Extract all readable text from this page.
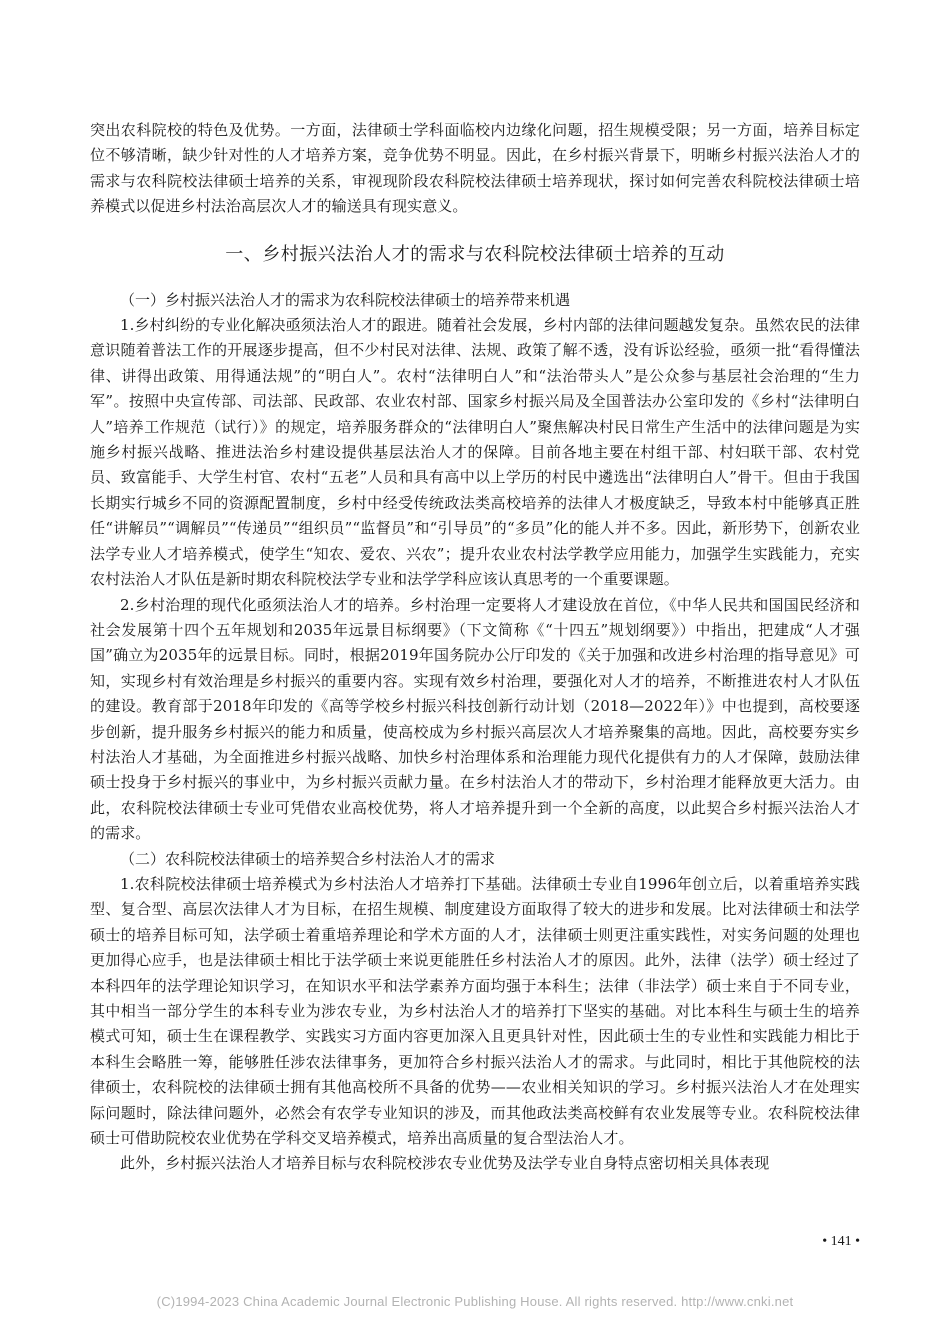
突出农科院校的特色及优势。一方面，法律硕士学科面临校内边缘化问题，招生规模受限；另一方面，培养目标定位不够清晰，缺少针对性的人才培养方案，竞争优势不明显。因此，在乡村振兴背景下，明晰乡村振兴法治人才的需求与农科院校法律硕士培养的关系，审视现阶段农科院校法律硕士培养现状，探讨如何完善农科院校法律硕士培养模式以促进乡村法治高层次人才的输送具有现实意义。

一、乡村振兴法治人才的需求与农科院校法律硕士培养的互动

（一）乡村振兴法治人才的需求为农科院校法律硕士的培养带来机遇

1.乡村纠纷的专业化解决亟须法治人才的跟进。随着社会发展，乡村内部的法律问题越发复杂。虽然农民的法律意识随着普法工作的开展逐步提高，但不少村民对法律、法规、政策了解不透，没有诉讼经验，亟须一批“看得懂法律、讲得出政策、用得通法规”的“明白人”。农村“法律明白人”和“法治带头人”是公众参与基层社会治理的“生力军”。按照中央宣传部、司法部、民政部、农业农村部、国家乡村振兴局及全国普法办公室印发的《乡村“法律明白人”培养工作规范（试行）》的规定，培养服务群众的“法律明白人”聚焦解决村民日常生产生活中的法律问题是为实施乡村振兴战略、推进法治乡村建设提供基层法治人才的保障。目前各地主要在村组干部、村妇联干部、农村党员、致富能手、大学生村官、农村“五老”人员和具有高中以上学历的村民中遴选出“法律明白人”骨干。但由于我国长期实行城乡不同的资源配置制度，乡村中经受传统政法类高校培养的法律人才极度缺乏，导致本村中能够真正胜任“讲解员”“调解员”“传递员”“组织员”“监督员”和“引导员”的“多员”化的能人并不多。因此，新形势下，创新农业法学专业人才培养模式，使学生“知农、爱农、兴农”；提升农业农村法学教学应用能力，加强学生实践能力，充实农村法治人才队伍是新时期农科院校法学专业和法学学科应该认真思考的一个重要课题。

2.乡村治理的现代化亟须法治人才的培养。乡村治理一定要将人才建设放在首位，《中华人民共和国国民经济和社会发展第十四个五年规划和2035年远景目标纲要》（下文简称《“十四五”规划纲要》）中指出，把建成“人才强国”确立为2035年的远景目标。同时，根据2019年国务院办公厅印发的《关于加强和改进乡村治理的指导意见》可知，实现乡村有效治理是乡村振兴的重要内容。实现有效乡村治理，要强化对人才的培养，不断推进农村人才队伍的建设。教育部于2018年印发的《高等学校乡村振兴科技创新行动计划（2018—2022年）》中也提到，高校要逐步创新，提升服务乡村振兴的能力和质量，使高校成为乡村振兴高层次人才培养聚集的高地。因此，高校要夯实乡村法治人才基础，为全面推进乡村振兴战略、加快乡村治理体系和治理能力现代化提供有力的人才保障，鼓励法律硕士投身于乡村振兴的事业中，为乡村振兴贡献力量。在乡村法治人才的带动下，乡村治理才能释放更大活力。由此，农科院校法律硕士专业可凭借农业高校优势，将人才培养提升到一个全新的高度，以此契合乡村振兴法治人才的需求。

（二）农科院校法律硕士的培养契合乡村法治人才的需求

1.农科院校法律硕士培养模式为乡村法治人才培养打下基础。法律硕士专业自1996年创立后，以着重培养实践型、复合型、高层次法律人才为目标，在招生规模、制度建设方面取得了较大的进步和发展。比对法律硕士和法学硕士的培养目标可知，法学硕士着重培养理论和学术方面的人才，法律硕士则更注重实践性，对实务问题的处理也更加得心应手，也是法律硕士相比于法学硕士来说更能胜任乡村法治人才的原因。此外，法律（法学）硕士经过了本科四年的法学理论知识学习，在知识水平和法学素养方面均强于本科生；法律（非法学）硕士来自于不同专业，其中相当一部分学生的本科专业为涉农专业，为乡村法治人才的培养打下坚实的基础。对比本科生与硕士生的培养模式可知，硕士生在课程教学、实践实习方面内容更加深入且更具针对性，因此硕士生的专业性和实践能力相比于本科生会略胜一筹，能够胜任涉农法律事务，更加符合乡村振兴法治人才的需求。与此同时，相比于其他院校的法律硕士，农科院校的法律硕士拥有其他高校所不具备的优势——农业相关知识的学习。乡村振兴法治人才在处理实际问题时，除法律问题外，必然会有农学专业知识的涉及，而其他政法类高校鲜有农业发展等专业。农科院校法律硕士可借助院校农业优势在学科交叉培养模式，培养出高质量的复合型法治人才。

此外，乡村振兴法治人才培养目标与农科院校涉农专业优势及法学专业自身特点密切相关具体表现

• 141 •
(C)1994-2023 China Academic Journal Electronic Publishing House. All rights reserved. http://www.cnki.net
